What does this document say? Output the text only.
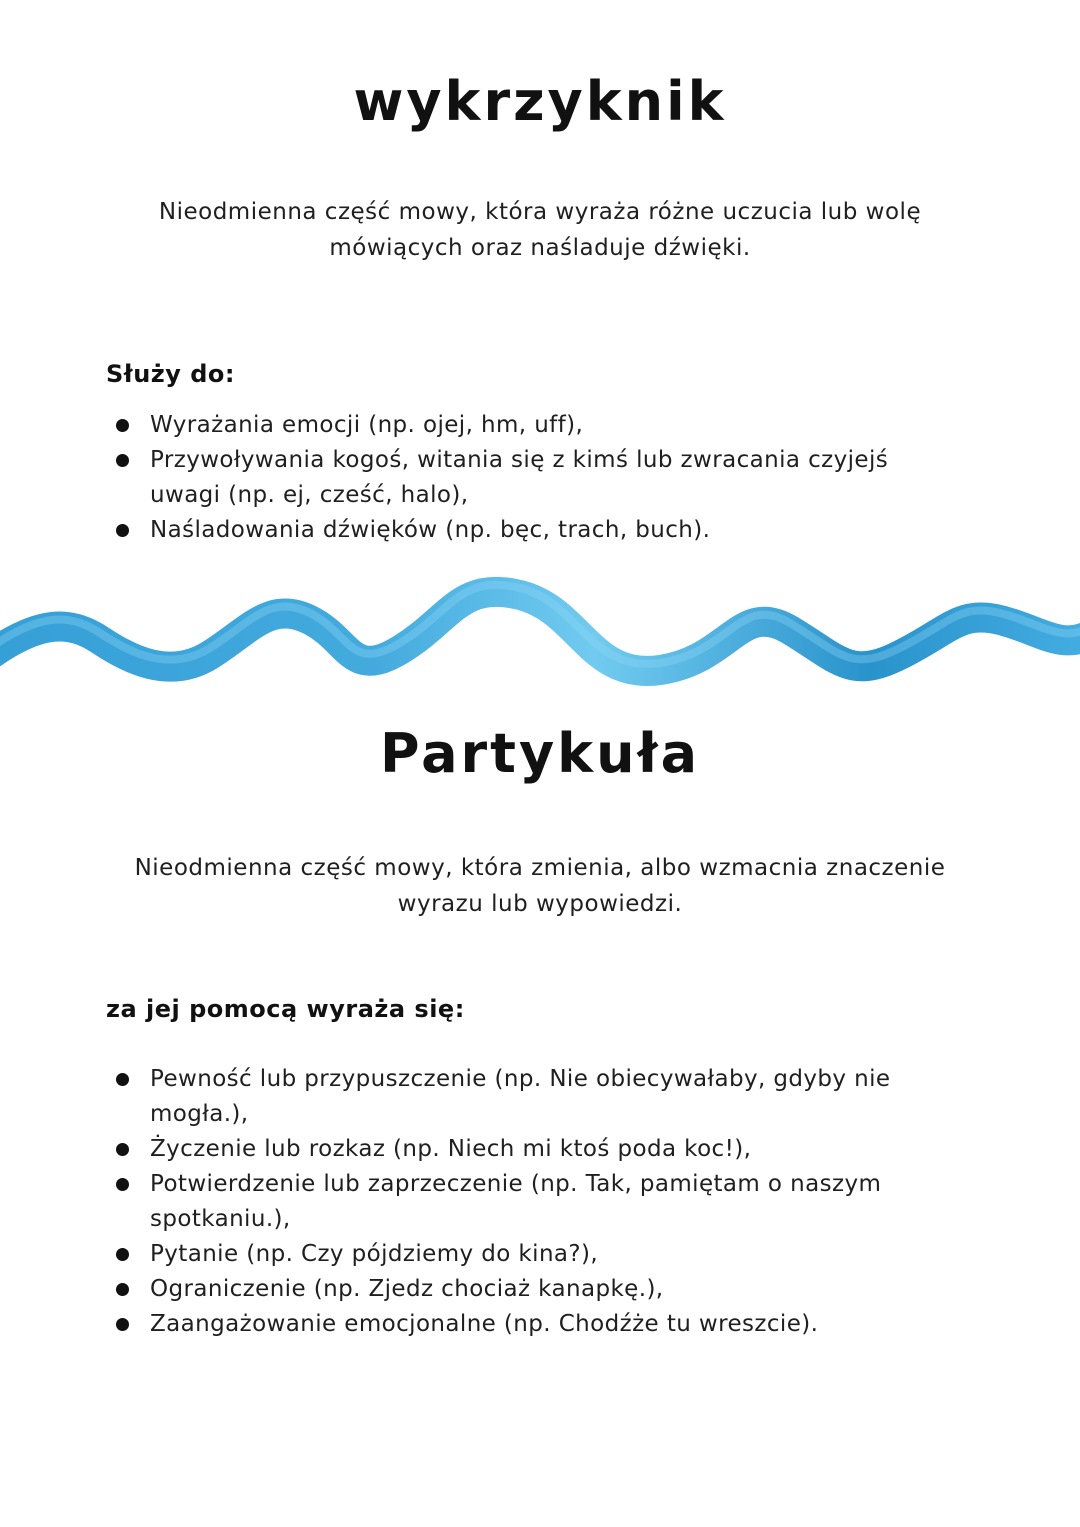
wykrzyknik
Nieodmienna część mowy, która wyraża różne uczucia lub wolę
mówiących oraz naśladuje dźwięki.
Służy do:
Wyrażania emocji (np. ojej, hm, uff),
Przywoływania kogoś, witania się z kimś lub zwracania czyjejś uwagi (np. ej, cześć, halo),
Naśladowania dźwięków (np. bęc, trach, buch).
Partykuła
Nieodmienna część mowy, która zmienia, albo wzmacnia znaczenie
wyrazu lub wypowiedzi.
za jej pomocą wyraża się:
Pewność lub przypuszczenie (np. Nie obiecywałaby, gdyby nie mogła.),
Życzenie lub rozkaz (np. Niech mi ktoś poda koc!),
Potwierdzenie lub zaprzeczenie (np. Tak, pamiętam o naszym spotkaniu.),
Pytanie (np. Czy pójdziemy do kina?),
Ograniczenie (np. Zjedz chociaż kanapkę.),
Zaangażowanie emocjonalne (np. Chodźże tu wreszcie).
